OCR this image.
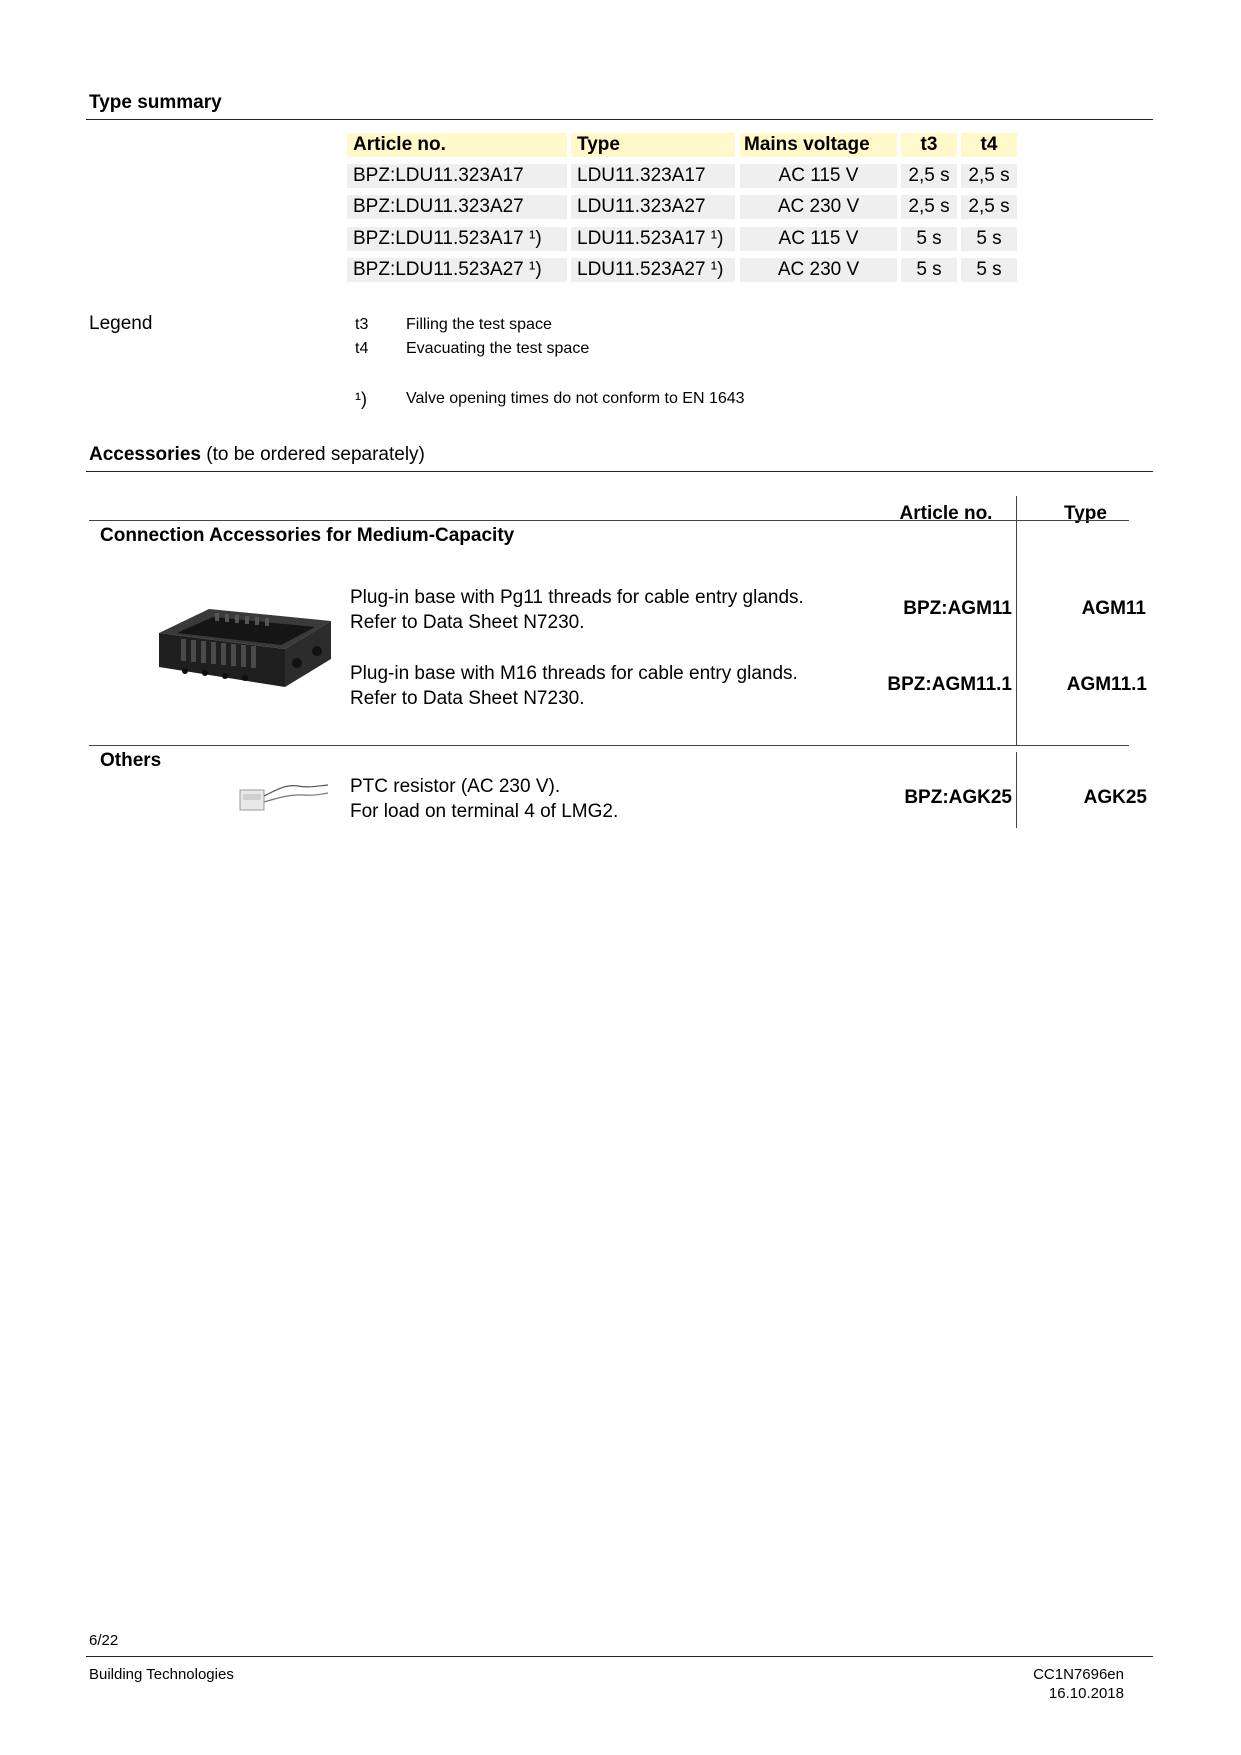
Type summary
Article no.	Type	Mains voltage	t3	t4
BPZ:LDU11.323A17	LDU11.323A17	AC 115 V	2,5 s 2,5 s
BPZ:LDU11.323A27	LDU11.323A27	AC 230 V	2,5 s 2,5 s
BPZ:LDU11.523A17 ¹)	LDU11.523A17 ¹)	AC 115 V	5 s	5 s
BPZ:LDU11.523A27 ¹)	LDU11.523A27 ¹)	AC 230 V	5 s	5 s
Legend	t3 Filling the test space
t4 Evacuating the test space
¹) Valve opening times do not conform to EN 1643
Accessories (to be ordered separately)
Article no.	Type
Connection Accessories for Medium-Capacity
Plug-in base with Pg11 threads for cable entry glands.
Refer to Data Sheet N7230.
BPZ:AGM11	AGM11
Plug-in base with M16 threads for cable entry glands.
Refer to Data Sheet N7230.
BPZ:AGM11.1	AGM11.1
Others
PTC resistor (AC 230 V).
For load on terminal 4 of LMG2.
BPZ:AGK25	AGK25
6/22
Building Technologies	CC1N7696en
16.10.2018
